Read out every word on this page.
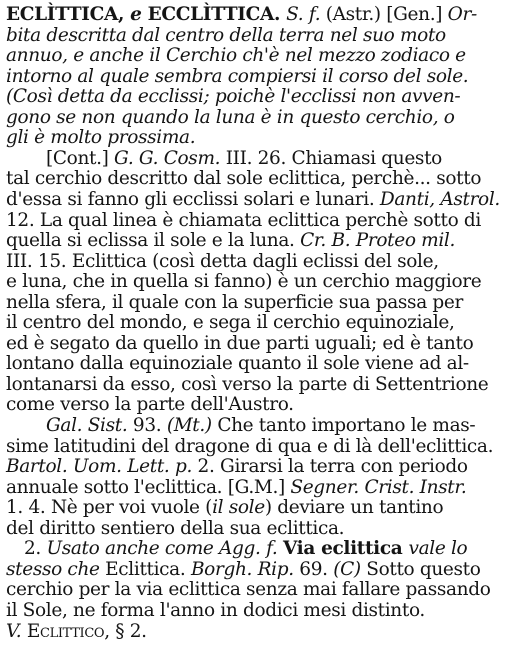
ECLÌTTICA, e ECCLÌTTICA. S. f. (Astr.) [Gen.] Or-
bita descritta dal centro della terra nel suo moto
annuo, e anche il Cerchio ch'è nel mezzo zodiaco e
intorno al quale sembra compiersi il corso del sole.
(Così detta da ecclissi; poichè l'ecclissi non avven-
gono se non quando la luna è in questo cerchio, o
gli è molto prossima.
[Cont.] G. G. Cosm. III. 26. Chiamasi questo
tal cerchio descritto dal sole eclittica, perchè... sotto
d'essa si fanno gli ecclissi solari e lunari. Danti, Astrol.
12. La qual linea è chiamata eclittica perchè sotto di
quella si eclissa il sole e la luna. Cr. B. Proteo mil.
III. 15. Eclittica (così detta dagli eclissi del sole,
e luna, che in quella si fanno) è un cerchio maggiore
nella sfera, il quale con la superficie sua passa per
il centro del mondo, e sega il cerchio equinoziale,
ed è segato da quello in due parti uguali; ed è tanto
lontano dalla equinoziale quanto il sole viene ad al-
lontanarsi da esso, così verso la parte di Settentrione
come verso la parte dell'Austro.
Gal. Sist. 93. (Mt.) Che tanto importano le mas-
sime latitudini del dragone di qua e di là dell'eclittica.
Bartol. Uom. Lett. p. 2. Girarsi la terra con periodo
annuale sotto l'eclittica. [G.M.] Segner. Crist. Instr.
1. 4. Nè per voi vuole (il sole) deviare un tantino
del diritto sentiero della sua eclittica.
2. Usato anche come Agg. f. Via eclittica vale lo
stesso che Eclittica. Borgh. Rip. 69. (C) Sotto questo
cerchio per la via eclittica senza mai fallare passando
il Sole, ne forma l'anno in dodici mesi distinto.
V. Eclittico, § 2.
